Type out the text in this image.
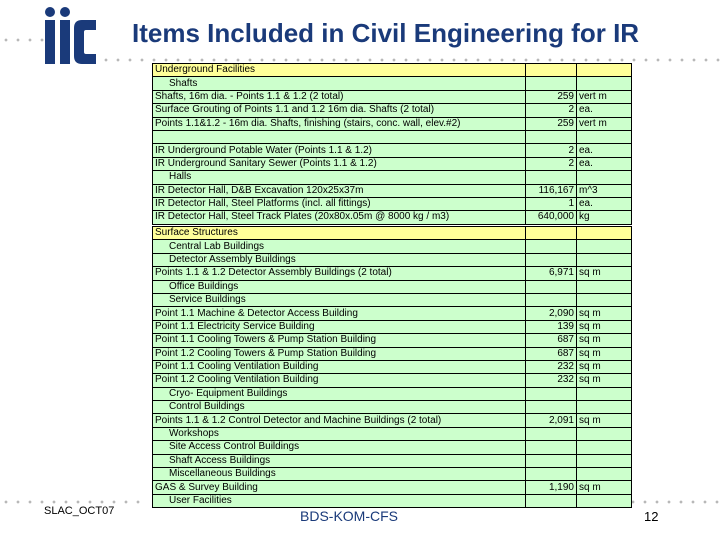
Items Included in Civil Engineering for IR
Underground Facilities		
Shafts		
Shafts, 16m dia. - Points 1.1 & 1.2 (2 total)	259	vert m
Surface Grouting of Points 1.1 and 1.2 16m dia. Shafts (2 total)	2	ea.
Points 1.1&1.2 - 16m dia. Shafts, finishing (stairs, conc. wall, elev.#2)	259	vert m

IR Underground Potable Water (Points 1.1 & 1.2)	2	ea.
IR Underground Sanitary Sewer (Points 1.1 & 1.2)	2	ea.
Halls		
IR Detector Hall, D&B Excavation 120x25x37m	116,167	m^3
IR Detector Hall, Steel Platforms (incl. all fittings)	1	ea.
IR Detector Hall, Steel Track Plates (20x80x.05m @ 8000 kg / m3)	640,000	kg
Surface Structures		
Central Lab Buildings		
Detector Assembly Buildings		
Points 1.1 & 1.2 Detector Assembly Buildings (2 total)	6,971	sq m
Office Buildings		
Service Buildings		
Point 1.1 Machine & Detector Access Building	2,090	sq m
Point 1.1 Electricity Service Building	139	sq m
Point 1.1 Cooling Towers & Pump Station Building	687	sq m
Point 1.2 Cooling Towers & Pump Station Building	687	sq m
Point 1.1 Cooling Ventilation Building	232	sq m
Point 1.2 Cooling Ventilation Building	232	sq m
Cryo- Equipment Buildings		
Control Buildings		
Points 1.1 & 1.2 Control Detector and Machine Buildings (2 total)	2,091	sq m
Workshops		
Site Access Control Buildings		
Shaft Access Buildings		
Miscellaneous Buildings		
GAS & Survey Building	1,190	sq m
User Facilities		
SLAC_OCT07	BDS-KOM-CFS	12
